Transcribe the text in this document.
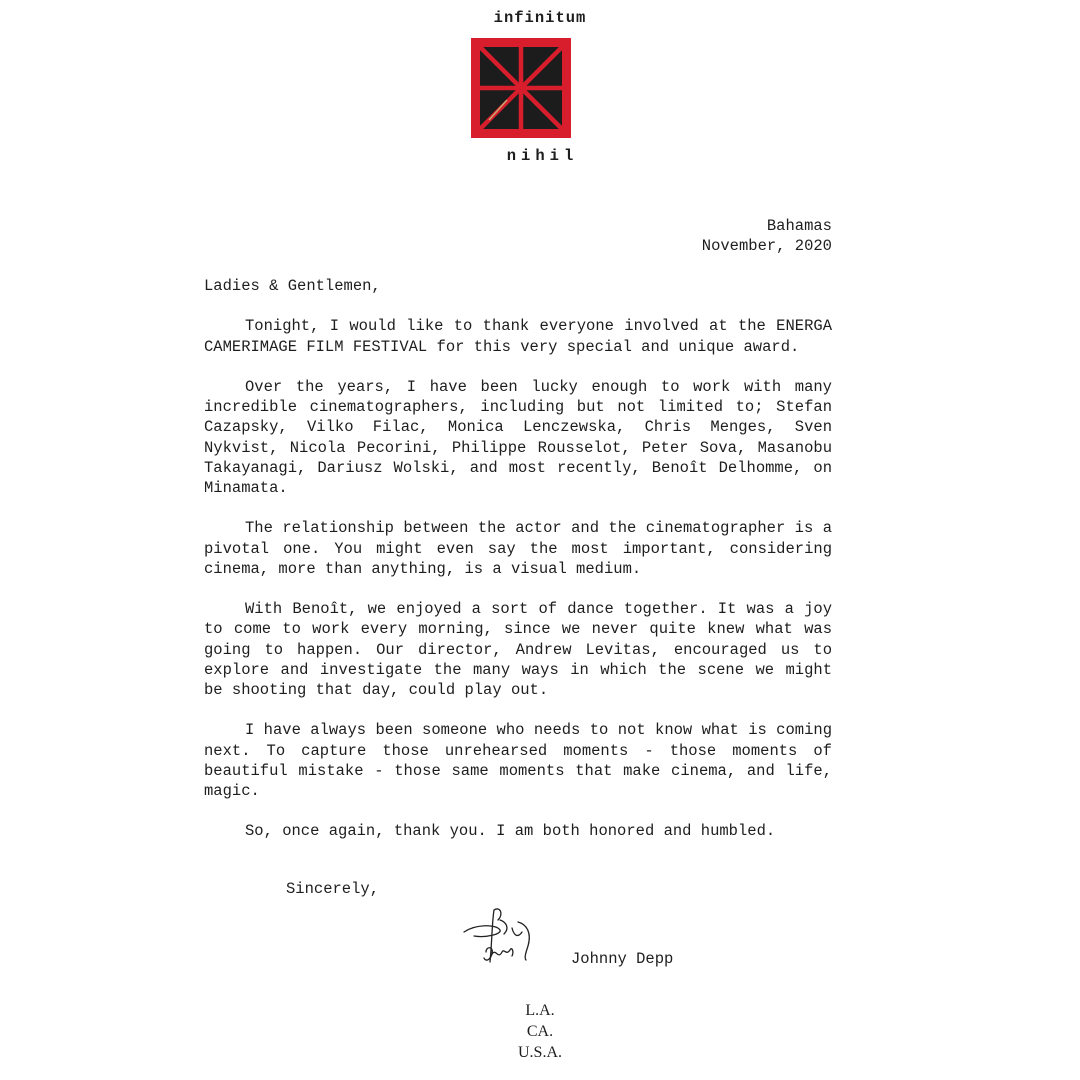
infinitum
nihil
Bahamas
November, 2020

Ladies & Gentlemen,

Tonight, I would like to thank everyone involved at the ENERGA CAMERIMAGE FILM FESTIVAL for this very special and unique award.

Over the years, I have been lucky enough to work with many incredible cinematographers, including but not limited to; Stefan Cazapsky, Vilko Filac, Monica Lenczewska, Chris Menges, Sven Nykvist, Nicola Pecorini, Philippe Rousselot, Peter Sova, Masanobu Takayanagi, Dariusz Wolski, and most recently, Benoît Delhomme, on Minamata.

The relationship between the actor and the cinematographer is a pivotal one. You might even say the most important, considering cinema, more than anything, is a visual medium.

With Benoît, we enjoyed a sort of dance together. It was a joy to come to work every morning, since we never quite knew what was going to happen. Our director, Andrew Levitas, encouraged us to explore and investigate the many ways in which the scene we might be shooting that day, could play out.

I have always been someone who needs to not know what is coming next. To capture those unrehearsed moments - those moments of beautiful mistake - those same moments that make cinema, and life, magic.

So, once again, thank you. I am both honored and humbled.

Sincerely,
Johnny Depp
L.A.
CA.
U.S.A.
